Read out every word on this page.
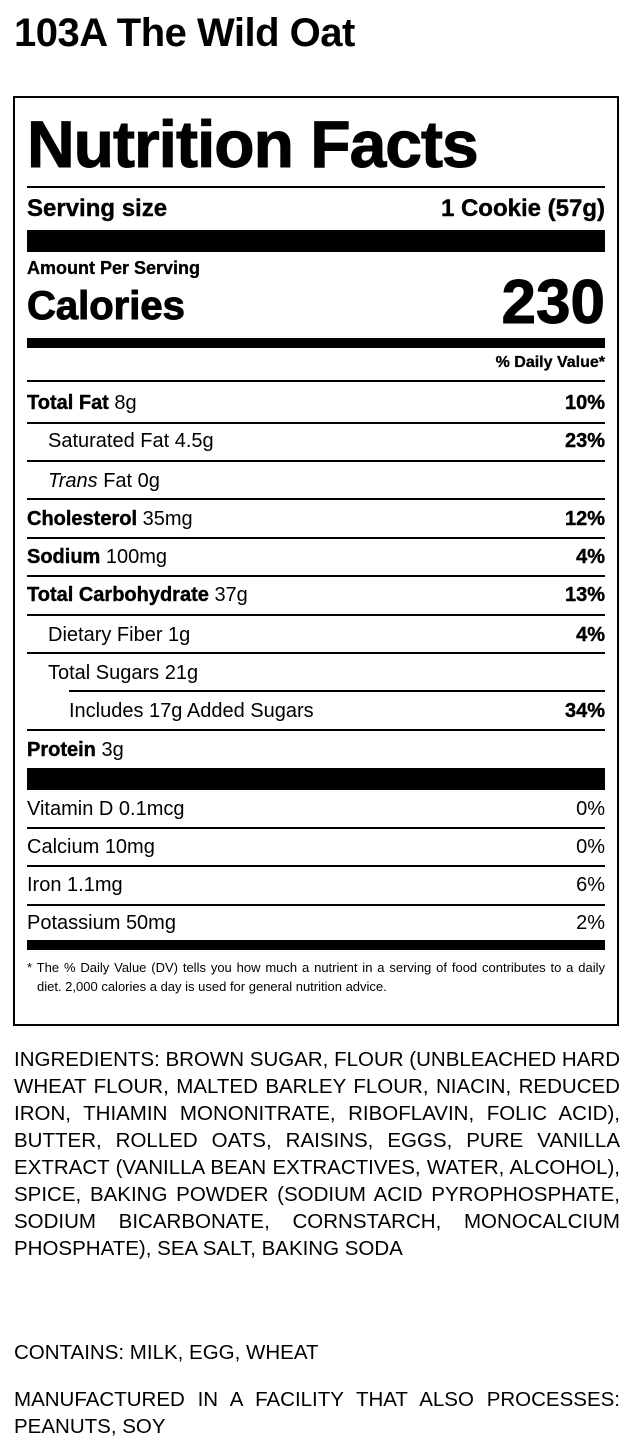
103A The Wild Oat
Nutrition Facts
Serving size	1 Cookie (57g)
Amount Per Serving
Calories	230
% Daily Value*
Total Fat 8g	10%
Saturated Fat 4.5g	23%
Trans Fat 0g
Cholesterol 35mg	12%
Sodium 100mg	4%
Total Carbohydrate 37g	13%
Dietary Fiber 1g	4%
Total Sugars 21g
Includes 17g Added Sugars	34%
Protein 3g
Vitamin D 0.1mcg	0%
Calcium 10mg	0%
Iron 1.1mg	6%
Potassium 50mg	2%
* The % Daily Value (DV) tells you how much a nutrient in a serving of food contributes to a daily diet. 2,000 calories a day is used for general nutrition advice.
INGREDIENTS: BROWN SUGAR, FLOUR (UNBLEACHED HARD WHEAT FLOUR, MALTED BARLEY FLOUR, NIACIN, REDUCED IRON, THIAMIN MONONITRATE, RIBOFLAVIN, FOLIC ACID), BUTTER, ROLLED OATS, RAISINS, EGGS, PURE VANILLA EXTRACT (VANILLA BEAN EXTRACTIVES, WATER, ALCOHOL), SPICE, BAKING POWDER (SODIUM ACID PYROPHOSPHATE, SODIUM BICARBONATE, CORNSTARCH, MONOCALCIUM PHOSPHATE), SEA SALT, BAKING SODA
CONTAINS: MILK, EGG, WHEAT
MANUFACTURED IN A FACILITY THAT ALSO PROCESSES: PEANUTS, SOY
